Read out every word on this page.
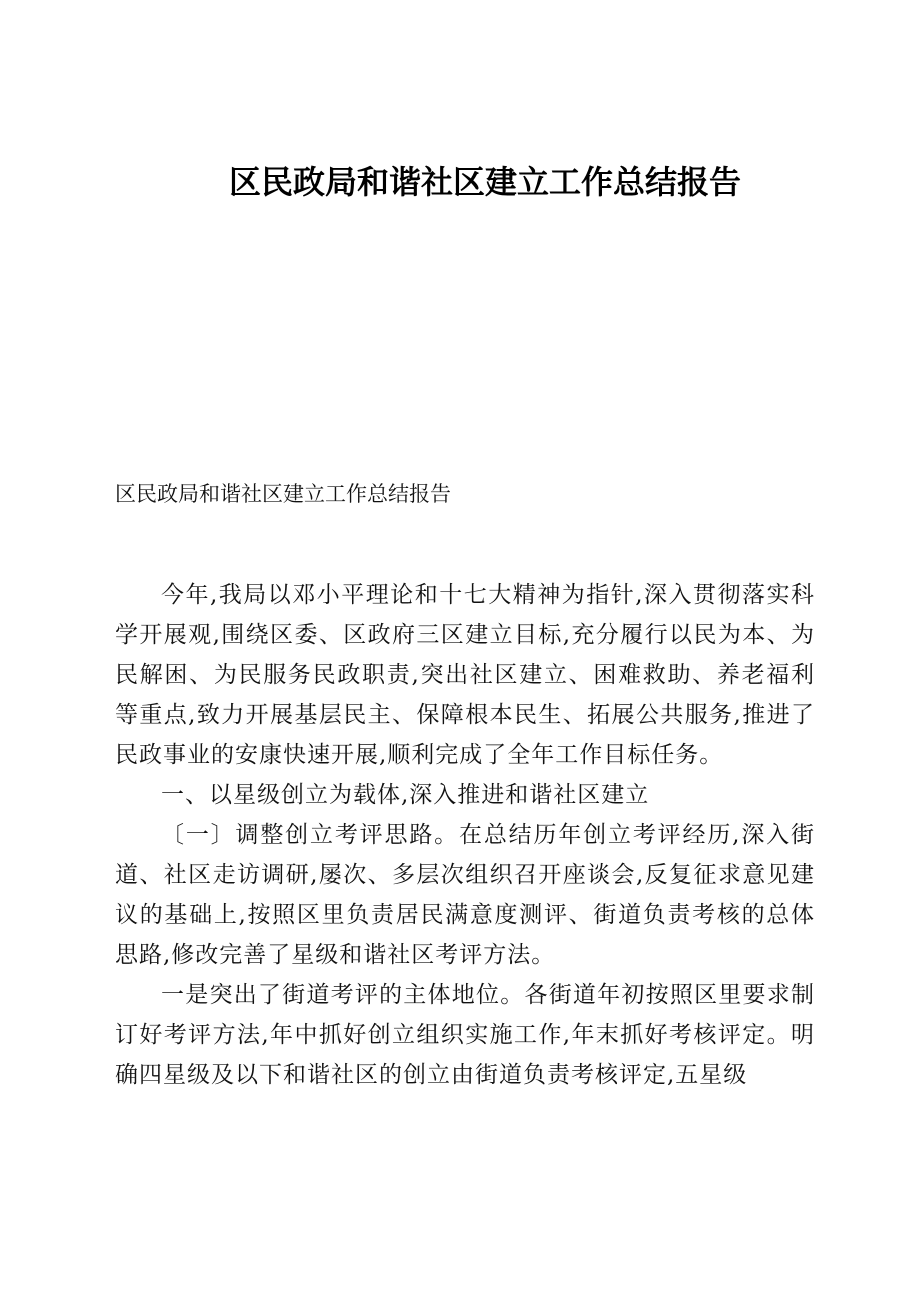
区民政局和谐社区建立工作总结报告
区民政局和谐社区建立工作总结报告

今年,我局以邓小平理论和十七大精神为指针,深入贯彻落实科学开展观,围绕区委、区政府三区建立目标,充分履行以民为本、为民解困、为民服务民政职责,突出社区建立、困难救助、养老福利等重点,致力开展基层民主、保障根本民生、拓展公共服务,推进了民政事业的安康快速开展,顺利完成了全年工作目标任务。

一、以星级创立为载体,深入推进和谐社区建立

〔一〕调整创立考评思路。在总结历年创立考评经历,深入街道、社区走访调研,屡次、多层次组织召开座谈会,反复征求意见建议的基础上,按照区里负责居民满意度测评、街道负责考核的总体思路,修改完善了星级和谐社区考评方法。

一是突出了街道考评的主体地位。各街道年初按照区里要求制订好考评方法,年中抓好创立组织实施工作,年末抓好考核评定。明确四星级及以下和谐社区的创立由街道负责考核评定,五星级
